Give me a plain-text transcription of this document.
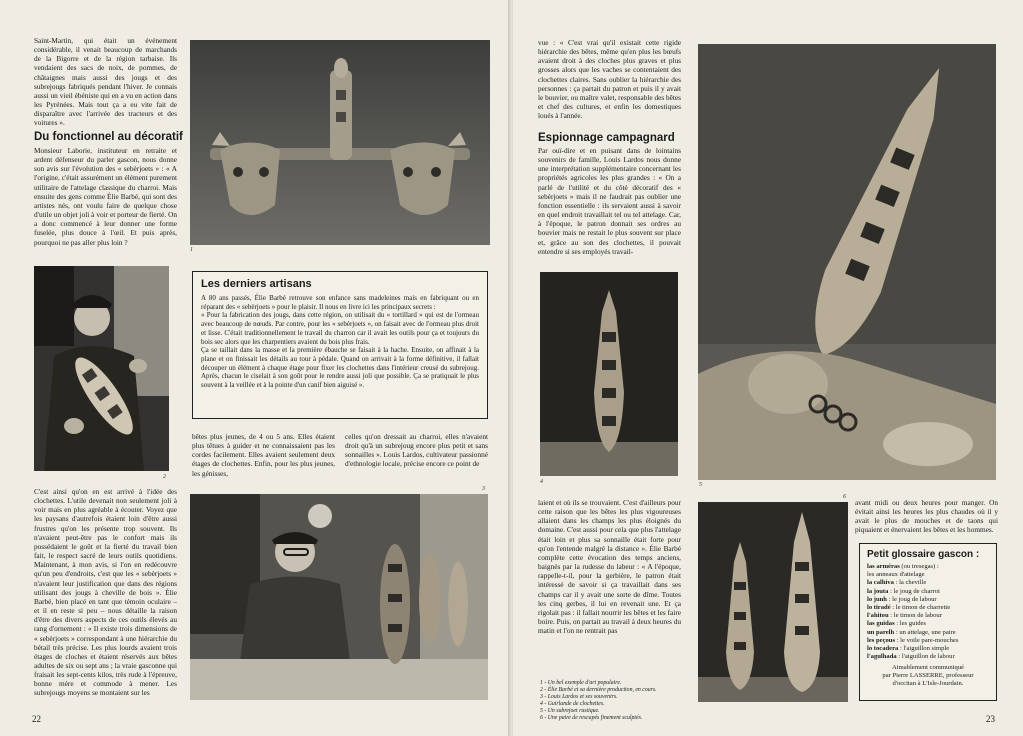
Saint-Martin, qui était un événement considérable, il venait beaucoup de marchands de la Bigorre et de la région tarbaise. Ils vendaient des sacs de noix, de pommes, de châtaignes mais aussi des jougs et des subrejougs fabriqués pendant l'hiver. Je connais aussi un vieil ébéniste qui en a vu en action dans les Pyrénées. Mais tout ça a eu vite fait de disparaître avec l'arrivée des tracteurs et des voitures ».
Du fonctionnel au décoratif
Monsieur Laborie, instituteur en retraite et ardent défenseur du parler gascon, nous donne son avis sur l'évolution des « sebèrjoets » : « A l'origine, c'était assurément un élément purement utilitaire de l'attelage classique du charroi. Mais ensuite des gens comme Élie Barbé, qui sont des artistes nés, ont voulu faire de quelque chose d'utile un objet joli à voir et porteur de fierté. On a donc commencé à leur donner une forme fuselée, plus douce à l'œil. Et puis après, pourquoi ne pas aller plus loin ?
1
2
Les derniers artisans

A 80 ans passés, Élie Barbé retrouve son enfance sans madeleines mais en fabriquant ou en réparant des « sebèrjoets » pour le plaisir. Il nous en livre ici les principaux secrets :

« Pour la fabrication des jougs, dans cette région, on utilisait du « tortillard » qui est de l'ormeau avec beaucoup de nœuds. Par contre, pour les « sebèrjoets », on faisait avec de l'ormeau plus droit et lisse. C'était traditionnellement le travail du charron car il avait les outils pour ça et toujours du bois sec alors que les charpentiers avaient du bois plus frais.

Ça se taillait dans la masse et la première ébauche se faisait à la hache. Ensuite, on affinait à la plane et on finissait les détails au tour à pédale. Quand on arrivait à la forme définitive, il fallait découper un élément à chaque étage pour fixer les clochettes dans l'intérieur creusé du subrejoug. Après, chacun le ciselait à son goût pour le rendre aussi joli que possible. Ça se pratiquait le plus souvent à la veillée et à la pointe d'un canif bien aiguisé ».

bêtes plus jeunes, de 4 ou 5 ans. Elles étaient plus têtues à guider et ne connaissaient pas les cordes facilement. Elles avaient seulement deux étages de clochettes. Enfin, pour les plus jeunes, les génisses,
celles qu'on dressait au charroi, elles n'avaient droit qu'à un subrejoug encore plus petit et sans sonnailles ». Louis Lardos, cultivateur passionné d'ethnologie locale, précise encore ce point de
C'est ainsi qu'on en est arrivé à l'idée des clochettes. L'utile devenait non seulement joli à voir mais en plus agréable à écouter. Voyez que les paysans d'autrefois étaient loin d'être aussi frustres qu'on les présente trop souvent. Ils n'avaient peut-être pas le confort mais ils possédaient le goût et la fierté du travail bien fait, le respect sacré de leurs outils quotidiens. Maintenant, à mon avis, si l'on en redécouvre qu'un peu d'endroits, c'est que les « sebèrjoets » n'avaient leur justification que dans des régions utilisant des jougs à cheville de bois ». Élie Barbé, bien placé en tant que témoin oculaire – et il en reste si peu – nous détaille la raison d'être des divers aspects de ces outils élevés au rang d'ornement : « Il existe trois dimensions de « sebèrjoets » correspondant à une hiérarchie du bétail très précise. Les plus lourds avaient trois étages de cloches et étaient réservés aux bêtes adultes de six ou sept ans ; la vraie gasconne qui fraisait les sept-cents kilos, très rude à l'épreuve, bonne mère et commode à mener. Les subrejougs moyens se montaient sur les
3
22
vue : « C'est vrai qu'il existait cette rigide hiérarchie des bêtes, même qu'en plus les bœufs avaient droit à des cloches plus graves et plus grosses alors que les vaches se contentaient des clochettes claires. Sans oublier la hiérarchie des personnes : ça partait du patron et puis il y avait le bouvier, ou maître valet, responsable des bêtes et chef des cultures, et enfin les domestiques loués à l'année.
Espionnage campagnard
Par ouï-dire et en puisant dans de lointains souvenirs de famille, Louis Lardos nous donne une interprétation supplémentaire concernant les propriétés agricoles les plus grandes : « On a parlé de l'utilité et du côté décoratif des « sebèrjoets » mais il ne faudrait pas oublier une fonction essentielle : ils servaient aussi à savoir en quel endroit travaillait tel ou tel attelage. Car, à l'époque, le patron donnait ses ordres au bouvier mais ne restait le plus souvent sur place et, grâce au son des clochettes, il pouvait entendre si ses employés travail-
4	5
laient et où ils se trouvaient. C'est d'ailleurs pour cette raison que les bêtes les plus vigoureuses allaient dans les champs les plus éloignés du domaine. C'est aussi pour cela que plus l'attelage était loin et plus sa sonnaille était forte pour qu'on l'entende malgré la distance ». Élie Barbé complète cette évocation des temps anciens, baignés par la rudesse du labeur : « A l'époque, rappelle-t-il, pour la gerbière, le patron était intéressé de savoir si ça travaillait dans ses champs car il y avait une sorte de dîme. Toutes les cinq gerbes, il lui en revenait une. Et ça rigolait pas : il fallait nourrir les bêtes et les faire boire. Puis, on partait au travail à deux heures du matin et l'on ne rentrait pas
6
avant midi ou deux heures pour manger. On évitait ainsi les heures les plus chaudes où il y avait le plus de mouches et de taons qui piquaient et énervaient les bêtes et les hommes.
Petit glossaire gascon :
las arméras (ou tresegas) :
les anneaux d'attelage
la calhiva : la cheville
la jouta : le joug de charroi
lo junh : le joug de labour
lo tiradé : le timon de charrette
l'ahitou : le timon de labour
las guidas : les guides
un parelh : un attelage, une paire
les peçous : le voile pare-mouches
lo tocadera : l'aiguillon simple
l'agulhada : l'aiguillon de labour
Aimablement communiqué
par Pierre LASSERRE, professeur
d'occitan à L'Isle-Jourdain.
1 - Un bel exemple d'art populaire.
2 - Élie Barbé et sa dernière production, en cours.
3 - Louis Lardos et ses souvenirs.
4 - Guirlande de clochettes.
5 - Un subrejoet rustique.
6 - Une paire de rescapés finement sculptés.	23
